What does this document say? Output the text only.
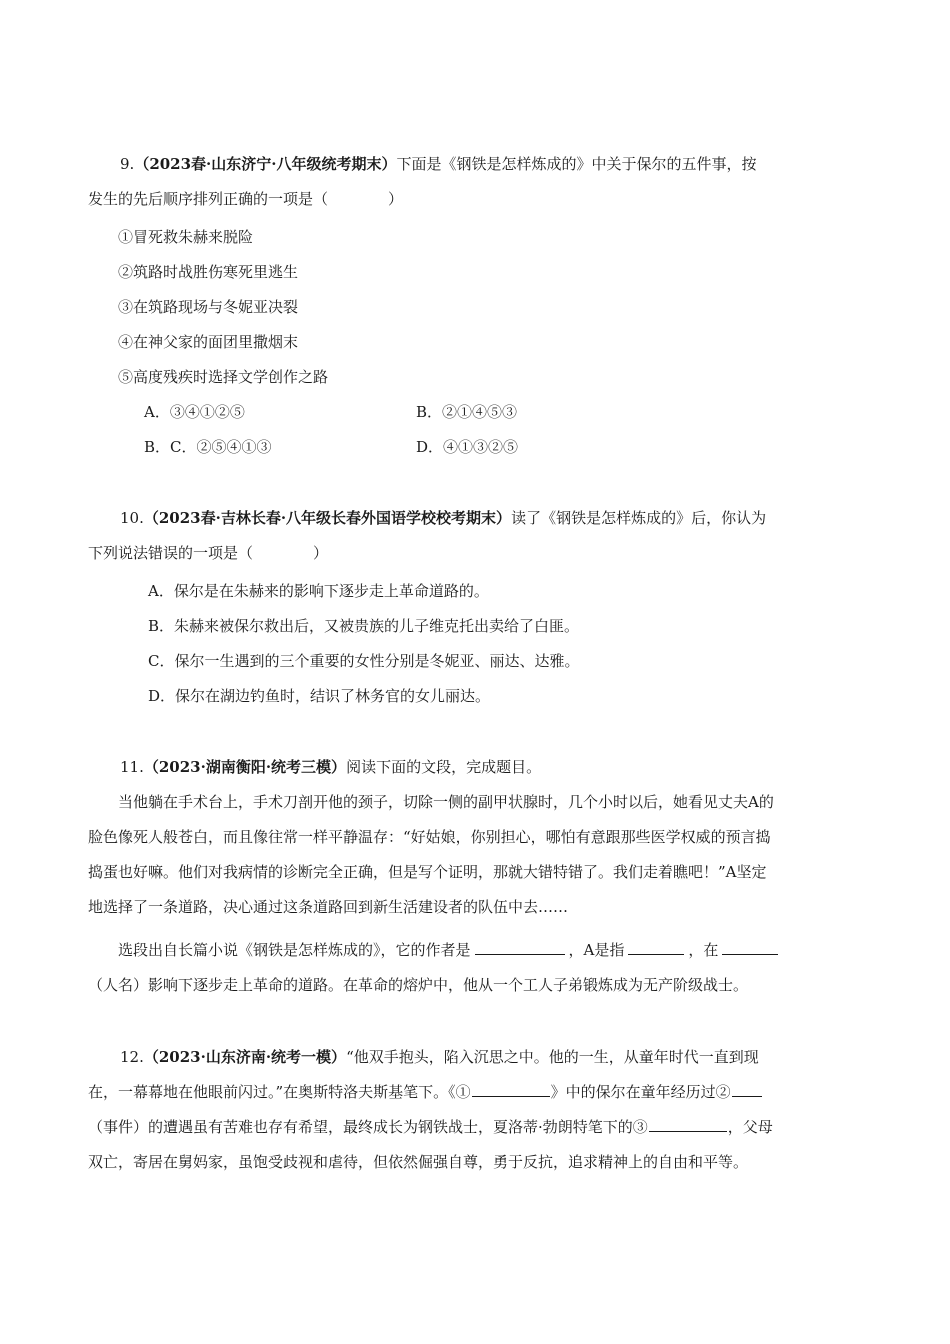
9.（2023春·山东济宁·八年级统考期末）下面是《钢铁是怎样炼成的》中关于保尔的五件事，按
发生的先后顺序排列正确的一项是（　　　　）
①冒死救朱赫来脱险
②筑路时战胜伤寒死里逃生
③在筑路现场与冬妮亚决裂
④在神父家的面团里撒烟末
⑤高度残疾时选择文学创作之路
A．③④①②⑤	B．②①④⑤③
B．C．②⑤④①③	D．④①③②⑤
10.（2023春·吉林长春·八年级长春外国语学校校考期末）读了《钢铁是怎样炼成的》后，你认为
下列说法错误的一项是（　　　　）
A．保尔是在朱赫来的影响下逐步走上革命道路的。
B．朱赫来被保尔救出后，又被贵族的儿子维克托出卖给了白匪。
C．保尔一生遇到的三个重要的女性分别是冬妮亚、丽达、达雅。
D．保尔在湖边钓鱼时，结识了林务官的女儿丽达。
11.（2023·湖南衡阳·统考三模）阅读下面的文段，完成题目。
当他躺在手术台上，手术刀剖开他的颈子，切除一侧的副甲状腺时，几个小时以后，她看见丈夫A的
脸色像死人般苍白，而且像往常一样平静温存：“好姑娘，你别担心，哪怕有意跟那些医学权威的预言捣
捣蛋也好嘛。他们对我病情的诊断完全正确，但是写个证明，那就大错特错了。我们走着瞧吧！”A坚定
地选择了一条道路，决心通过这条道路回到新生活建设者的队伍中去……
选段出自长篇小说《钢铁是怎样炼成的》，它的作者是	，A是指	，在
（人名）影响下逐步走上革命的道路。在革命的熔炉中，他从一个工人子弟锻炼成为无产阶级战士。
12.（2023·山东济南·统考一模）“他双手抱头，陷入沉思之中。他的一生，从童年时代一直到现
在，一幕幕地在他眼前闪过。”在奥斯特洛夫斯基笔下。《①	》中的保尔在童年经历过②
（事件）的遭遇虽有苦难也存有希望，最终成长为钢铁战士，夏洛蒂·勃朗特笔下的③	，父母
双亡，寄居在舅妈家，虽饱受歧视和虐待，但依然倔强自尊，勇于反抗，追求精神上的自由和平等。
